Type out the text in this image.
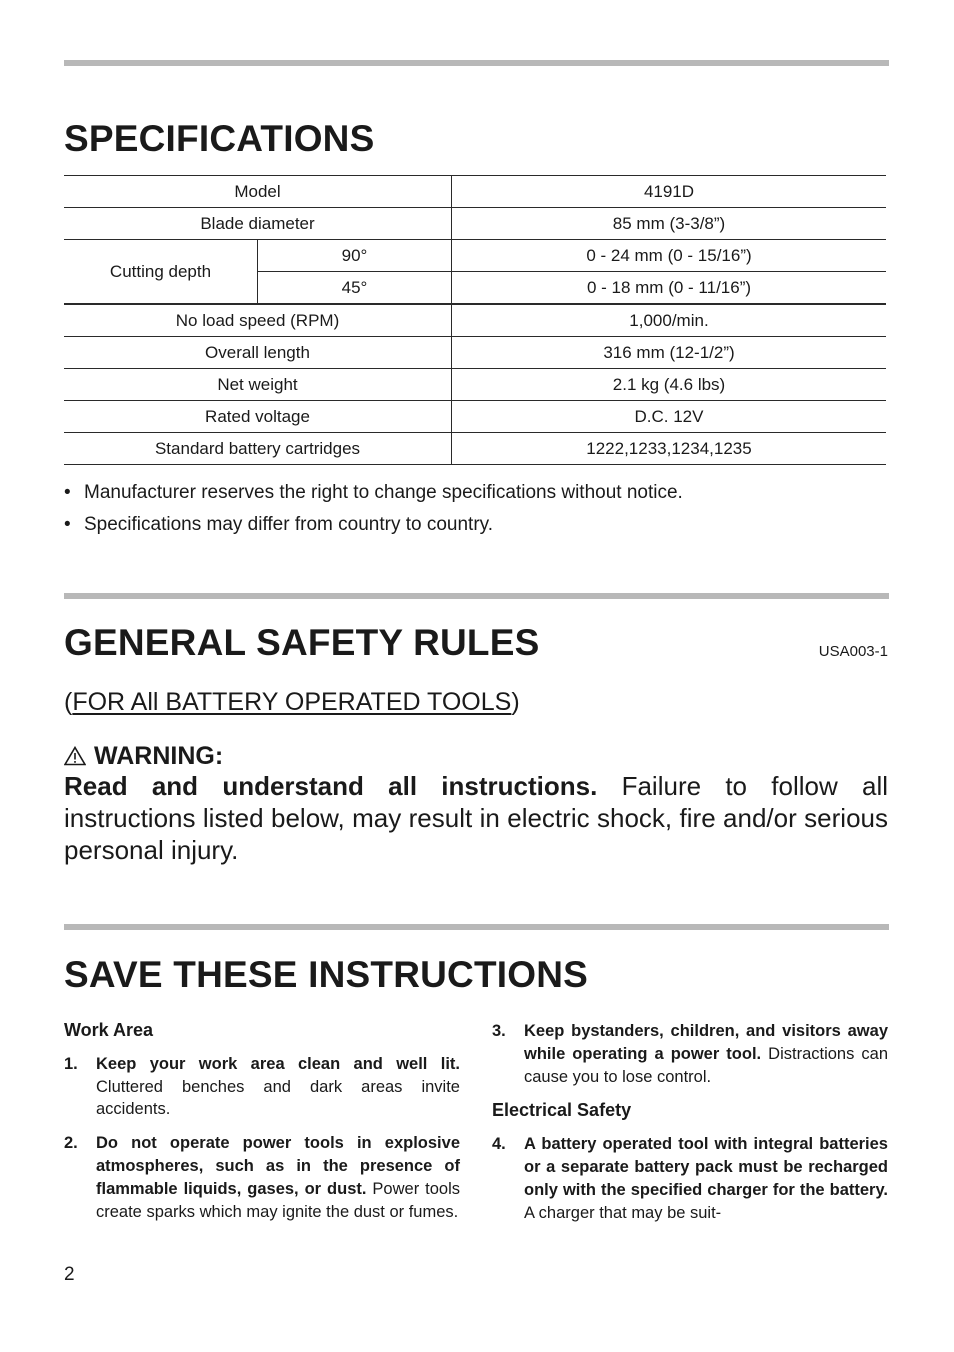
SPECIFICATIONS
Model		4191D
Blade diameter		85 mm (3-3/8”)
Cutting depth	90°	0 - 24 mm (0 - 15/16”)
	45°	0 - 18 mm (0 - 11/16”)
No load speed (RPM)		1,000/min.
Overall length		316 mm (12-1/2”)
Net weight		2.1 kg (4.6 lbs)
Rated voltage		D.C. 12V
Standard battery cartridges		1222,1233,1234,1235
• Manufacturer reserves the right to change specifications without notice.
• Specifications may differ from country to country.
GENERAL SAFETY RULES	USA003-1
(FOR All BATTERY OPERATED TOOLS)
WARNING:

Read and understand all instructions. Failure to follow all instructions listed below, may result in electric shock, fire and/or serious personal injury.

SAVE THESE INSTRUCTIONS
Work Area
1. Keep your work area clean and well lit. Cluttered benches and dark areas invite accidents.
2. Do not operate power tools in explosive atmospheres, such as in the presence of flammable liquids, gases, or dust. Power tools create sparks which may ignite the dust or fumes.
3. Keep bystanders, children, and visitors away while operating a power tool. Distractions can cause you to lose control.
Electrical Safety
4. A battery operated tool with integral batteries or a separate battery pack must be recharged only with the specified charger for the battery. A charger that may be suit-
2
